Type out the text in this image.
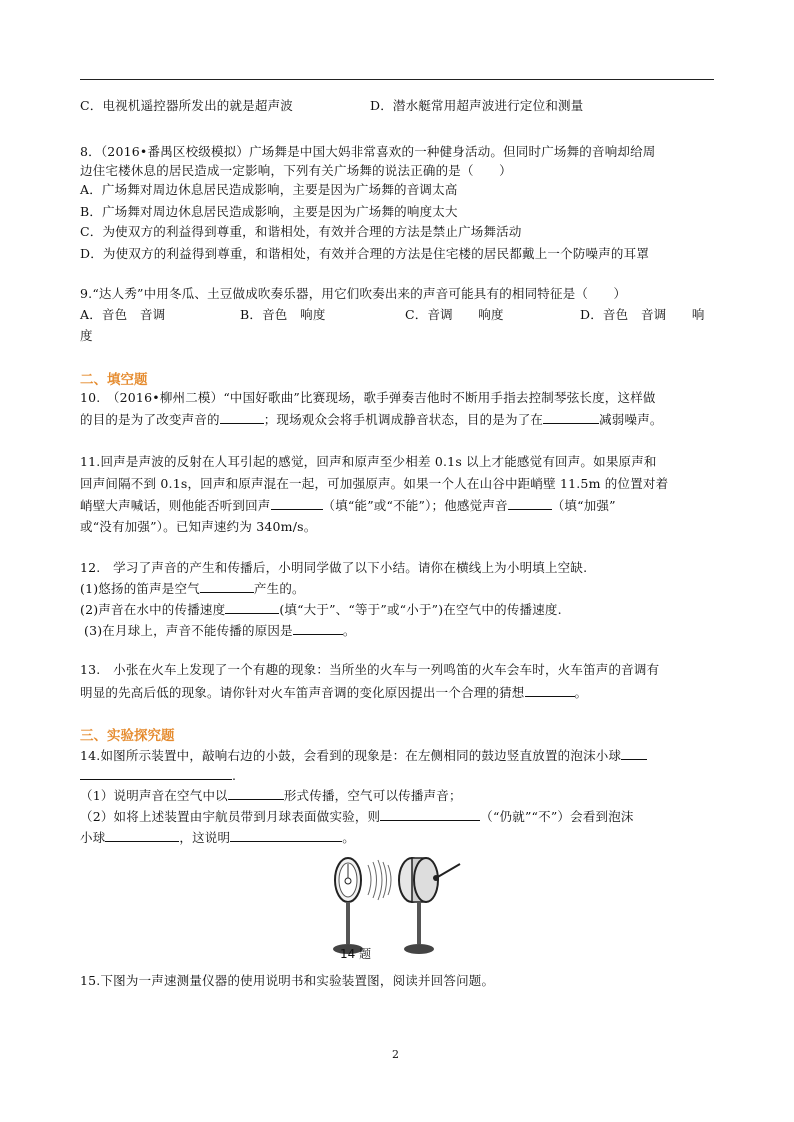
C．电视机遥控器所发出的就是超声波	D．潜水艇常用超声波进行定位和测量
8．（2016•番禺区校级模拟）广场舞是中国大妈非常喜欢的一种健身活动。但同时广场舞的音响却给周
边住宅楼休息的居民造成一定影响，下列有关广场舞的说法正确的是（　　）
A．广场舞对周边休息居民造成影响，主要是因为广场舞的音调太高
B．广场舞对周边休息居民造成影响，主要是因为广场舞的响度太大
C．为使双方的利益得到尊重，和谐相处，有效并合理的方法是禁止广场舞活动
D．为使双方的利益得到尊重，和谐相处，有效并合理的方法是住宅楼的居民都戴上一个防噪声的耳罩
9.“达人秀”中用冬瓜、土豆做成吹奏乐器，用它们吹奏出来的声音可能具有的相同特征是（　　）
A．音色　音调	B．音色　响度	C．音调　　响度	D．音色　音调　　响
度
二、填空题
10.　（2016•柳州二模）“中国好歌曲”比赛现场，歌手弹奏吉他时不断用手指去控制琴弦长度，这样做
的目的是为了改变声音的	；现场观众会将手机调成静音状态，目的是为了在	减弱噪声。
11.回声是声波的反射在人耳引起的感觉，回声和原声至少相差 0.1s 以上才能感觉有回声。如果原声和
回声间隔不到 0.1s，回声和原声混在一起，可加强原声。如果一个人在山谷中距峭壁 11.5m 的位置对着
峭壁大声喊话，则他能否听到回声	（填“能”或“不能”）；他感觉声音	（填“加强”
或“没有加强”）。已知声速约为 340m/s。
12.　学习了声音的产生和传播后，小明同学做了以下小结。请你在横线上为小明填上空缺.
(1)悠扬的笛声是空气	产生的。
(2)声音在水中的传播速度	(填“大于”、“等于”或“小于”)在空气中的传播速度.
(3)在月球上，声音不能传播的原因是	。
13.　小张在火车上发现了一个有趣的现象：当所坐的火车与一列鸣笛的火车会车时，火车笛声的音调有
明显的先高后低的现象。请你针对火车笛声音调的变化原因提出一个合理的猜想	。
三、实验探究题
14.如图所示装置中，敲响右边的小鼓，会看到的现象是：在左侧相同的鼓边竖直放置的泡沫小球
.
（1）说明声音在空气中以	形式传播，空气可以传播声音；
（2）如将上述装置由宇航员带到月球表面做实验，则	（“仍就”“不”）会看到泡沫
小球	，这说明	。
14 题
15.下图为一声速测量仪器的使用说明书和实验装置图，阅读并回答问题。
2
